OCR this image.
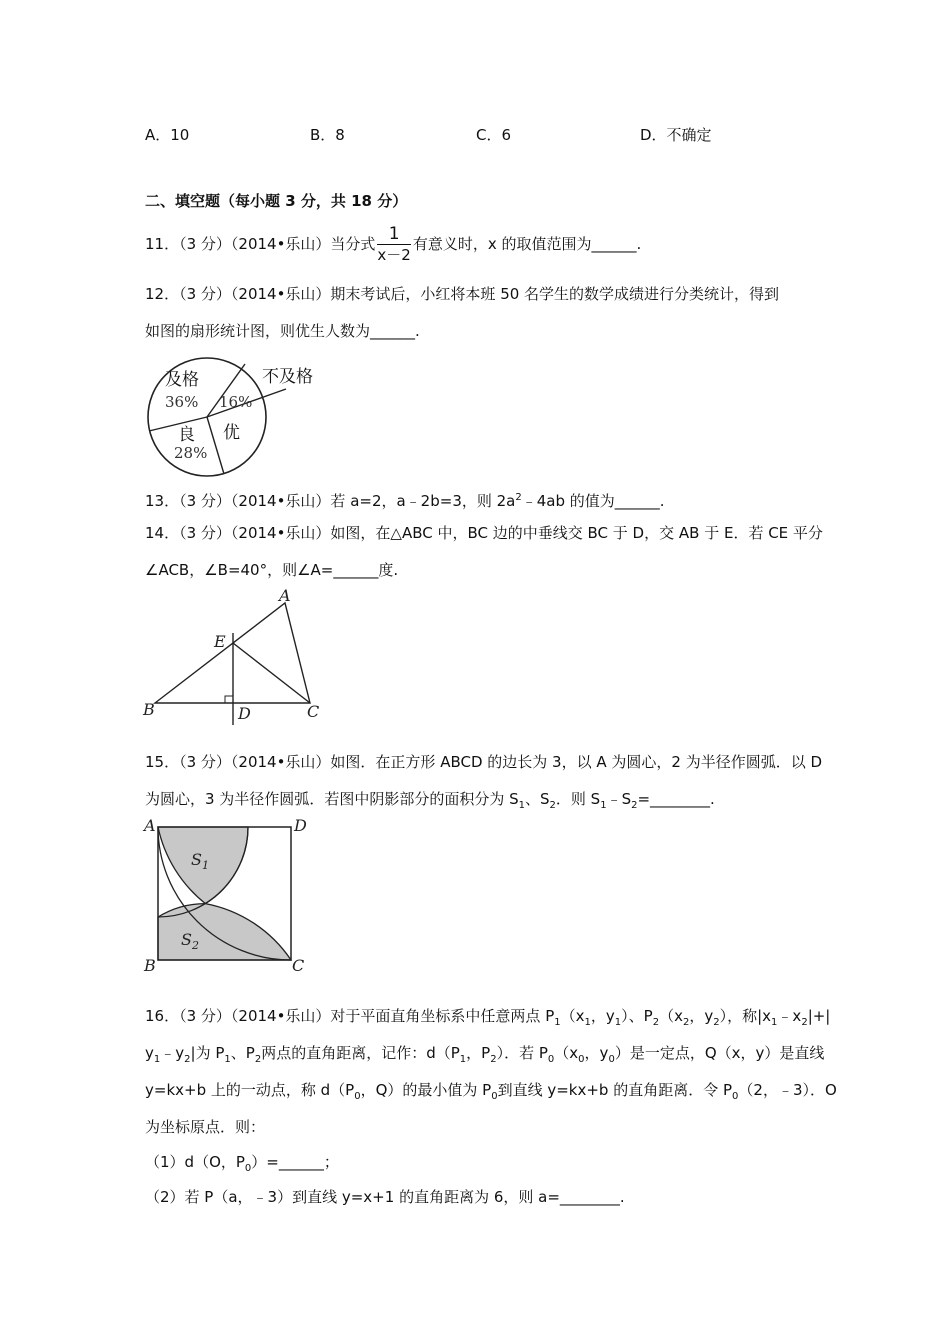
A．10	B．8	C．6	D．不确定
二、填空题（每小题 3 分，共 18 分）
11．（3 分）（2014•乐山）当分式 $\frac{1}{x-2}$ 有意义时，x 的取值范围为______.
12．（3 分）（2014•乐山）期末考试后，小红将本班 50 名学生的数学成绩进行分类统计，得到
如图的扇形统计图，则优生人数为______.
及格
36%
不及格
16%
良
28%
优
13．（3 分）（2014•乐山）若 a=2，a﹣2b=3，则 $2a^2﹣4ab$ 的值为______.
14．（3 分）（2014•乐山）如图，在△ABC 中，BC 边的中垂线交 BC 于 D，交 AB 于 E．若 CE 平分
∠ACB，∠B=40°，则∠A=______度.
A
B	C
D
E
15．（3 分）（2014•乐山）如图．在正方形 ABCD 的边长为 3，以 A 为圆心，2 为半径作圆弧．以 D
为圆心，3 为半径作圆弧．若图中阴影部分的面积分为 $S_1$、$S_2$．则 $S_1﹣S_2=\_\_\_\_\_\_\_\_$.
A	D
B	C
$S_1$
$S_2$
16．（3 分）（2014•乐山）对于平面直角坐标系中任意两点 $P_1(x_1$，$y_1$）、$P_2(x_2$，$y_2$），称$|x_1﹣x_2|+|$
$y_1﹣y_2|$为 $P_1$、$P_2$两点的直角距离，记作：$d(P_1$，$P_2$）．若 $P_0(x_0$，$y_0$）是一定点，Q（x，y）是直线
y=kx+b 上的一动点，称 $d(P_0$，Q）的最小值为 $P_0$到直线 y=kx+b 的直角距离．令 $P_0(2$，﹣3）．O
为坐标原点．则：
（1）d（O，$P_0)=\_\_\_\_\_\_$；
（2）若 P（a，﹣3）到直线 y=x+1 的直角距离为 6，则 a=________.
